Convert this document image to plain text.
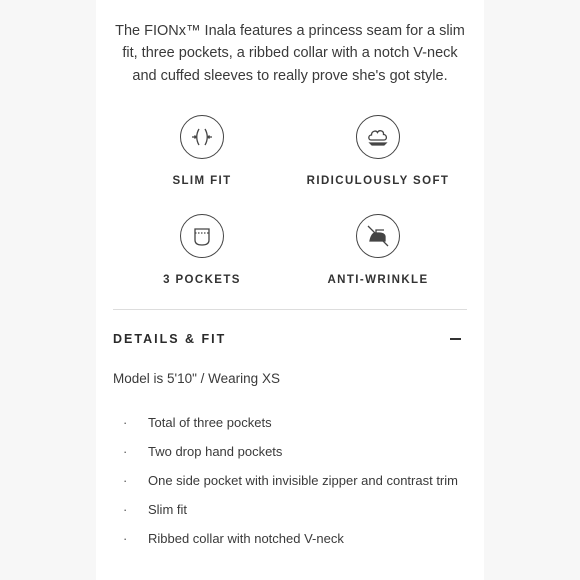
The FIONx™ Inala features a princess seam for a slim fit, three pockets, a ribbed collar with a notch V-neck and cuffed sleeves to really prove she's got style.

SLIM FIT	RIDICULOUSLY SOFT
3 POCKETS	ANTI-WRINKLE
DETAILS & FIT
Model is 5'10" / Wearing XS
· Total of three pockets
· Two drop hand pockets
· One side pocket with invisible zipper and contrast trim
· Slim fit
· Ribbed collar with notched V-neck
